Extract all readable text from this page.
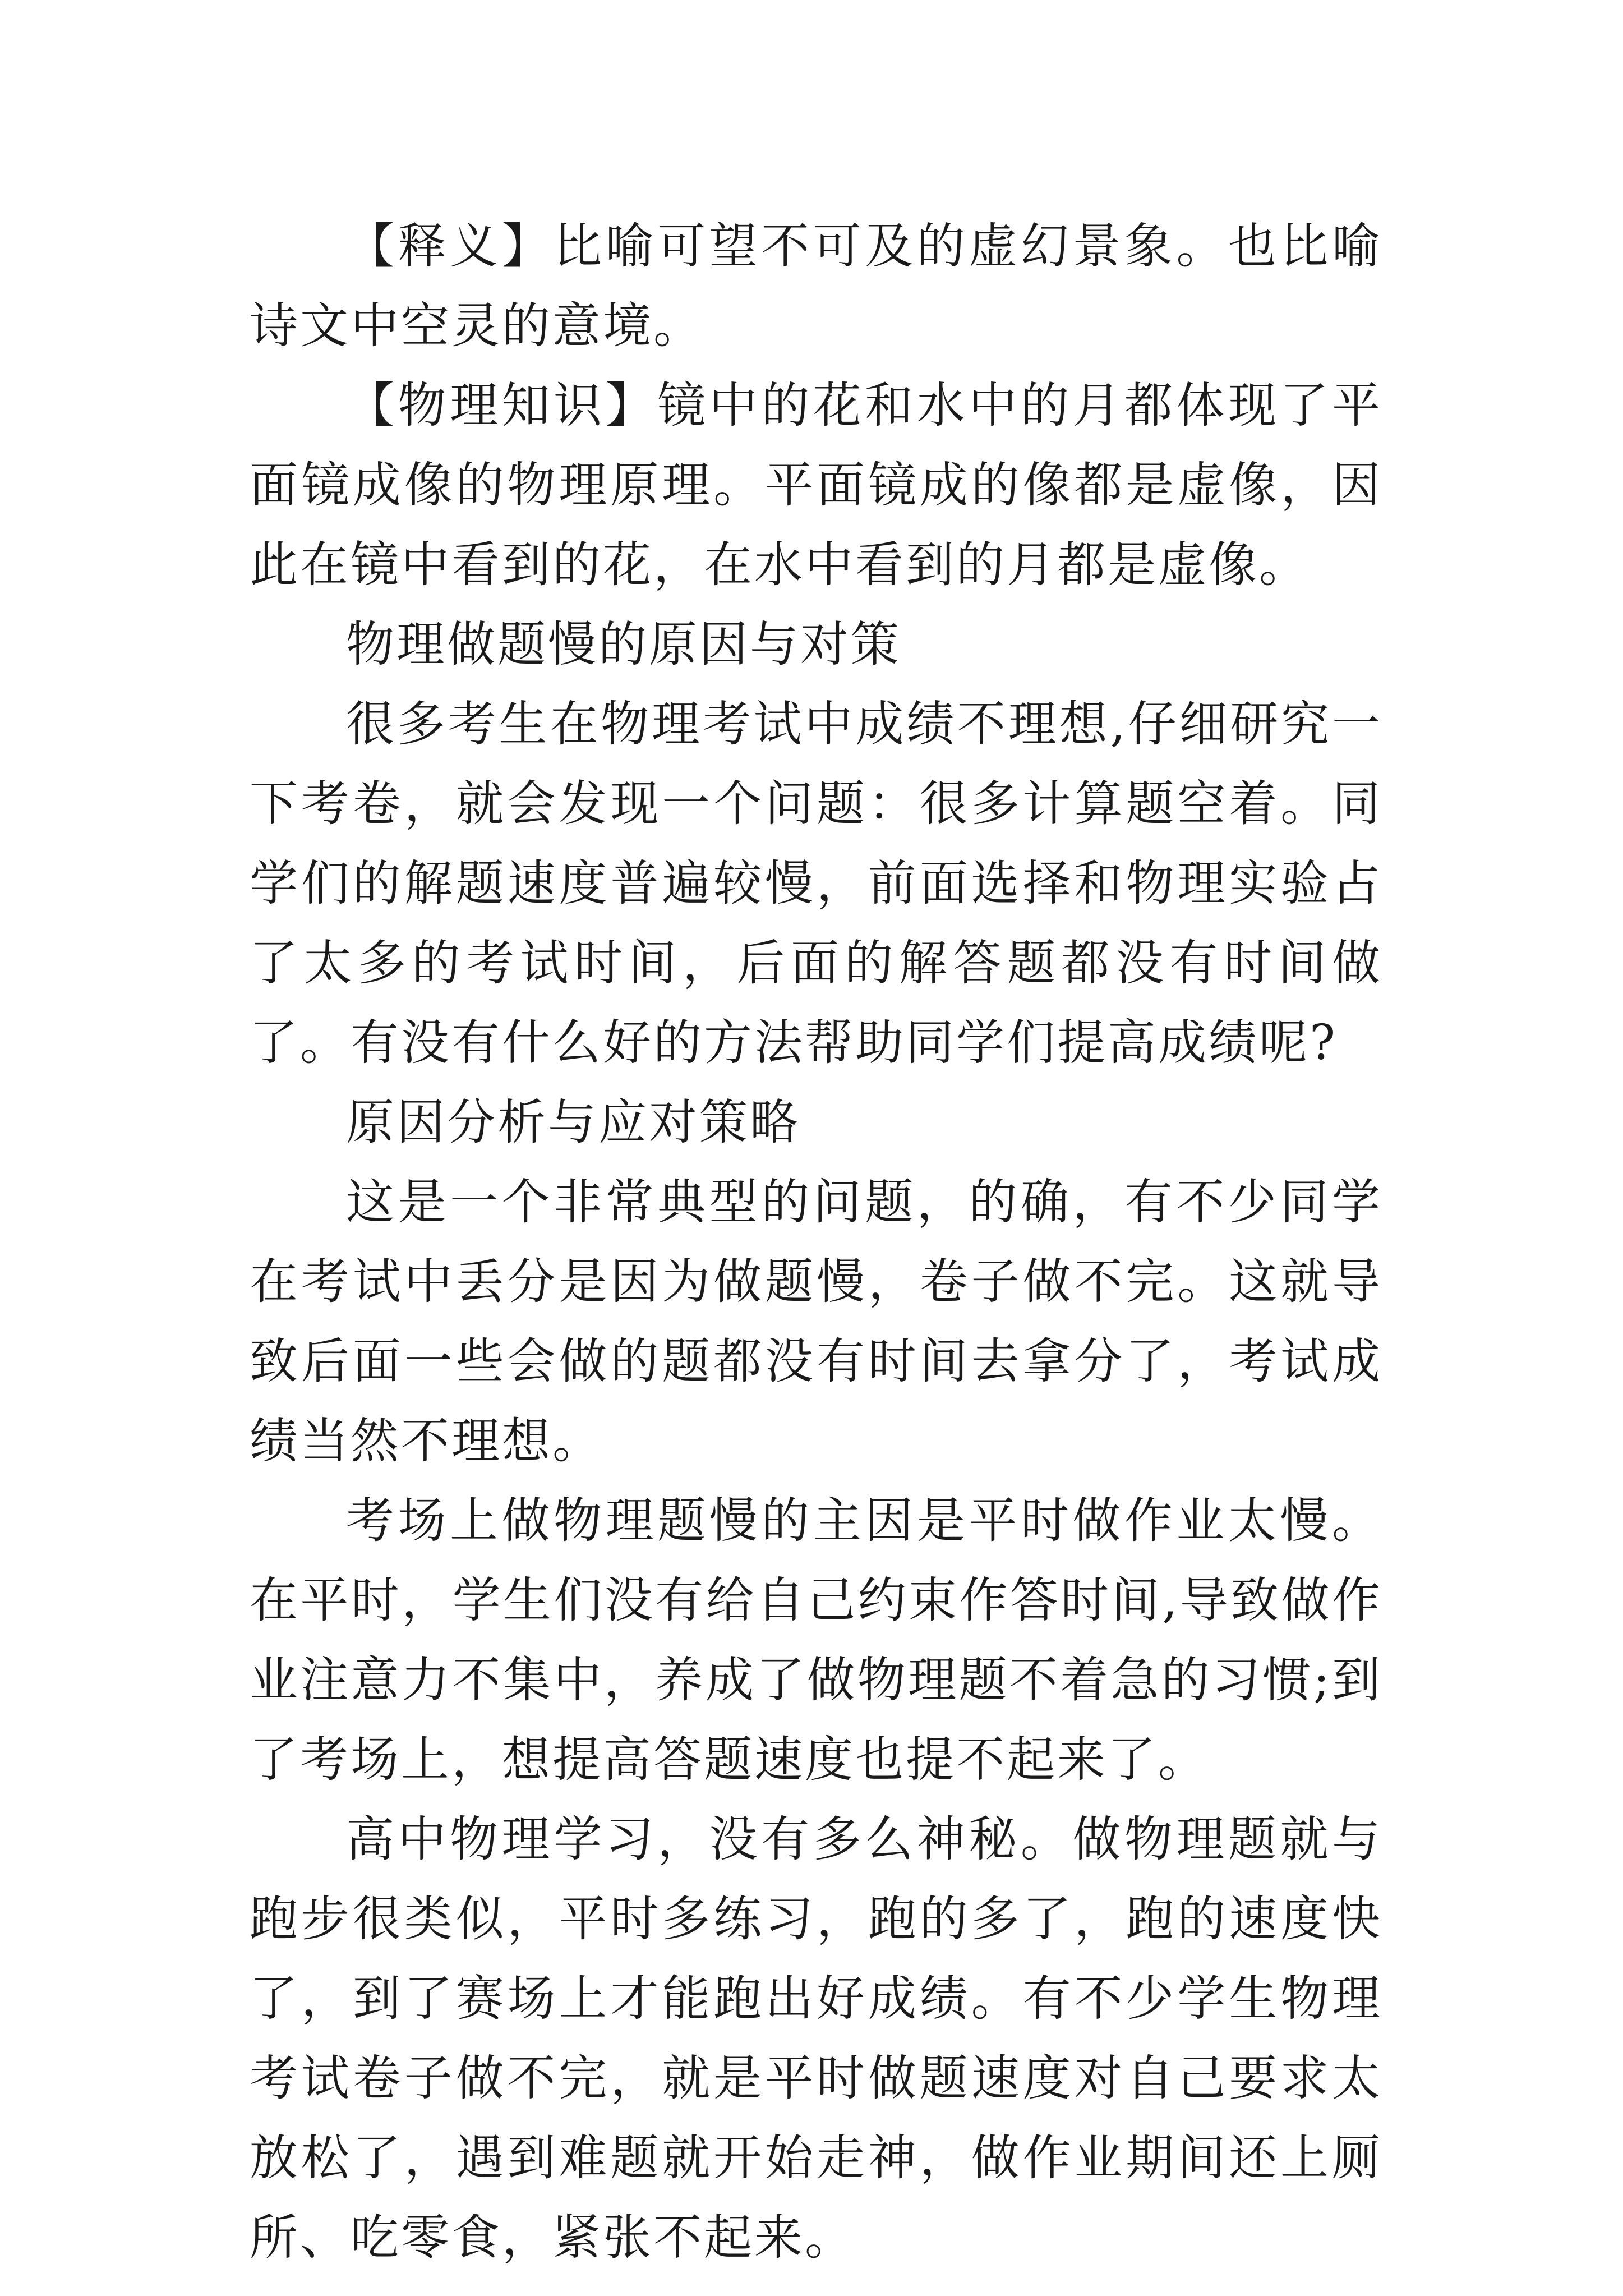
【释义】比喻可望不可及的虚幻景象。也比喻诗文中空灵的意境。

【物理知识】镜中的花和水中的月都体现了平面镜成像的物理原理。平面镜成的像都是虚像，因此在镜中看到的花，在水中看到的月都是虚像。

物理做题慢的原因与对策

很多考生在物理考试中成绩不理想,仔细研究一下考卷，就会发现一个问题：很多计算题空着。同学们的解题速度普遍较慢，前面选择和物理实验占了太多的考试时间，后面的解答题都没有时间做了。有没有什么好的方法帮助同学们提高成绩呢?

原因分析与应对策略

这是一个非常典型的问题，的确，有不少同学在考试中丢分是因为做题慢，卷子做不完。这就导致后面一些会做的题都没有时间去拿分了，考试成绩当然不理想。

考场上做物理题慢的主因是平时做作业太慢。在平时，学生们没有给自己约束作答时间,导致做作业注意力不集中，养成了做物理题不着急的习惯;到了考场上，想提高答题速度也提不起来了。

高中物理学习，没有多么神秘。做物理题就与跑步很类似，平时多练习，跑的多了，跑的速度快了，到了赛场上才能跑出好成绩。有不少学生物理考试卷子做不完，就是平时做题速度对自己要求太放松了，遇到难题就开始走神，做作业期间还上厕所、吃零食，紧张不起来。
